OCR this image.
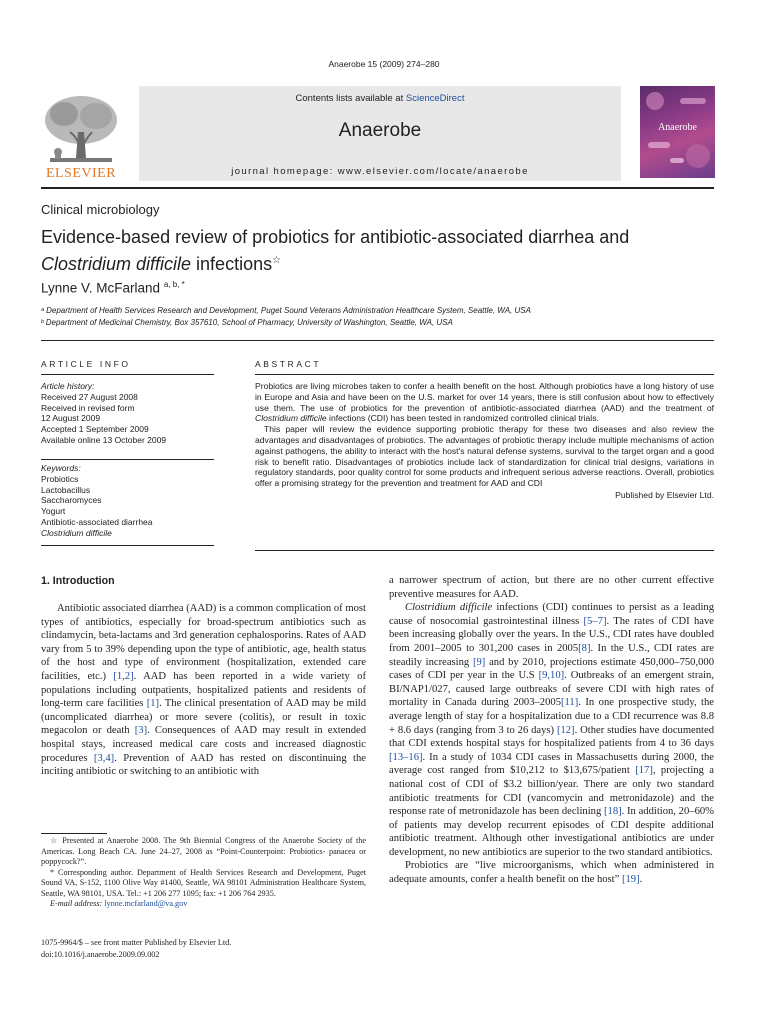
Anaerobe 15 (2009) 274–280
Contents lists available at ScienceDirect
Anaerobe
journal homepage: www.elsevier.com/locate/anaerobe
ELSEVIER
Anaerobe
Clinical microbiology
Evidence-based review of probiotics for antibiotic-associated diarrhea and
Clostridium difficile infections☆
Lynne V. McFarland $^{a, b, *}$
ᵃ Department of Health Services Research and Development, Puget Sound Veterans Administration Healthcare System, Seattle, WA, USA
ᵇ Department of Medicinal Chemistry, Box 357610, School of Pharmacy, University of Washington, Seattle, WA, USA
ARTICLE INFO
Article history:
Received 27 August 2008
Received in revised form
12 August 2009
Accepted 1 September 2009
Available online 13 October 2009
Keywords:
Probiotics
Lactobacillus
Saccharomyces
Yogurt
Antibiotic-associated diarrhea
Clostridium difficile
ABSTRACT

Probiotics are living microbes taken to confer a health benefit on the host. Although probiotics have a long history of use in Europe and Asia and have been on the U.S. market for over 14 years, there is still confusion about how to effectively use them. The use of probiotics for the prevention of antibiotic-associated diarrhea (AAD) and the treatment of Clostridium difficile infections (CDI) has been tested in randomized controlled clinical trials.

This paper will review the evidence supporting probiotic therapy for these two diseases and also review the advantages and disadvantages of probiotics. The advantages of probiotic therapy include multiple mechanisms of action against pathogens, the ability to interact with the host's natural defense systems, survival to the target organ and a good risk to benefit ratio. Disadvantages of probiotics include lack of standardization for clinical trial designs, variations in regulatory standards, poor quality control for some products and infrequent serious adverse reactions. Overall, probiotics offer a promising strategy for the prevention and treatment for AAD and CDI

Published by Elsevier Ltd.

1. Introduction

Antibiotic associated diarrhea (AAD) is a common complication of most types of antibiotics, especially for broad-spectrum antibiotics such as clindamycin, beta-lactams and 3rd generation cephalosporins. Rates of AAD vary from 5 to 39% depending upon the type of antibiotic, age, health status of the host and type of environment (hospitalization, extended care facilities, etc.) [1,2]. AAD has been reported in a wide variety of populations including outpatients, hospitalized patients and residents of long-term care facilities [1]. The clinical presentation of AAD may be mild (uncomplicated diarrhea) or more severe (colitis), or result in toxic megacolon or death [3]. Consequences of AAD may result in extended hospital stays, increased medical care costs and increased diagnostic procedures [3,4]. Prevention of AAD has rested on discontinuing the inciting antibiotic or switching to an antibiotic with

a narrower spectrum of action, but there are no other current effective preventive measures for AAD.

Clostridium difficile infections (CDI) continues to persist as a leading cause of nosocomial gastrointestinal illness [5–7]. The rates of CDI have been increasing globally over the years. In the U.S., CDI rates have doubled from 2001–2005 to 301,200 cases in 2005[8]. In the U.S., CDI rates are steadily increasing [9] and by 2010, projections estimate 450,000–750,000 cases of CDI per year in the U.S [9,10]. Outbreaks of an emergent strain, BI/NAP1/027, caused large outbreaks of severe CDI with high rates of mortality in Canada during 2003–2005[11]. In one prospective study, the average length of stay for a hospitalization due to a CDI recurrence was 8.8 + 8.6 days (ranging from 3 to 26 days) [12]. Other studies have documented that CDI extends hospital stays for hospitalized patients from 4 to 36 days [13–16]. In a study of 1034 CDI cases in Massachusetts during 2000, the average cost ranged from $10,212 to $13,675/patient [17], projecting a national cost of CDI of $3.2 billion/year. There are only two standard antibiotic treatments for CDI (vancomycin and metronidazole) and the response rate of metronidazole has been declining [18]. In addition, 20–60% of patients may develop recurrent episodes of CDI despite additional antibiotic treatment. Although other investigational antibiotics are under development, no new antibiotics are superior to the two standard antibiotics.

Probiotics are “live microorganisms, which when administered in adequate amounts, confer a health benefit on the host” [19].

☆ Presented at Anaerobe 2008. The 9th Biennial Congress of the Anaerobe Society of the Americas. Long Beach CA. June 24–27, 2008 as “Point-Counterpoint: Probiotics- panacea or poppycock?”.

* Corresponding author. Department of Health Services Research and Development, Puget Sound VA, S-152, 1100 Olive Way #1400, Seattle, WA 98101 Administration Healthcare System, Seattle, WA 98101, USA. Tel.: +1 206 277 1095; fax: +1 206 764 2935.

E-mail address: lynne.mcfarland@va.gov

1075-9964/$ – see front matter Published by Elsevier Ltd.
doi:10.1016/j.anaerobe.2009.09.002
